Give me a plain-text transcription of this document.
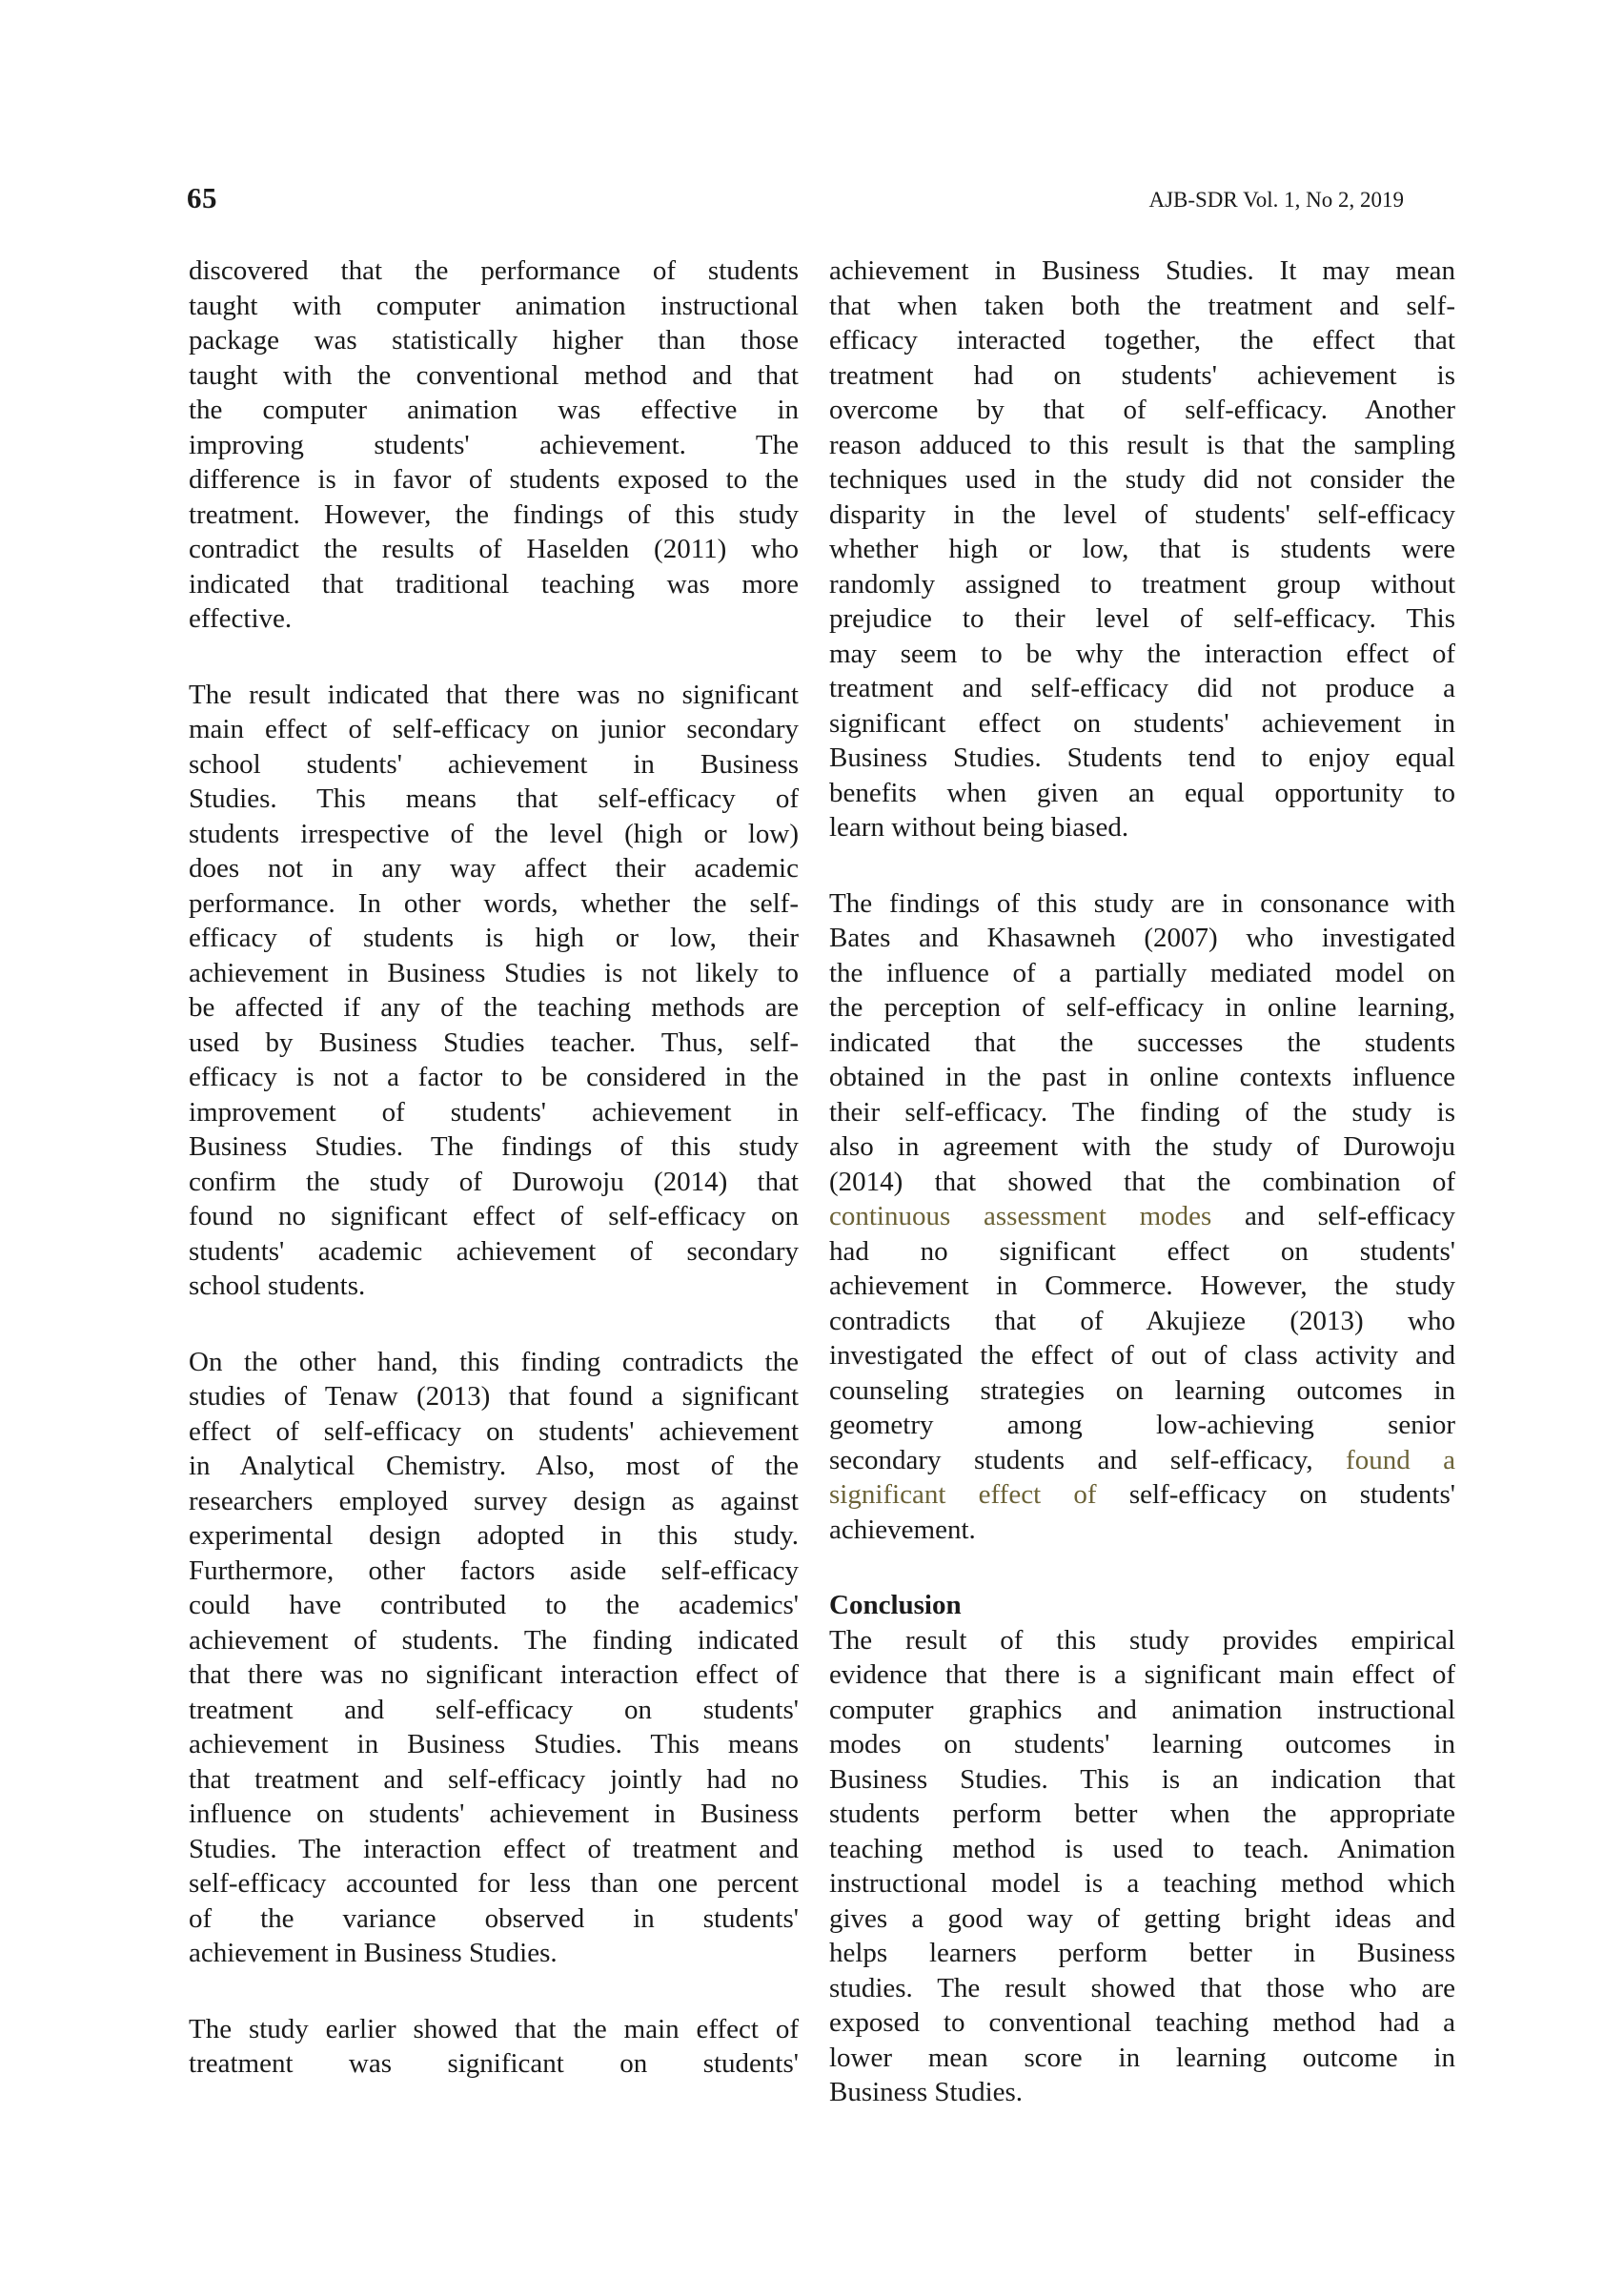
65	AJB-SDR Vol. 1, No 2, 2019
discovered that the performance of students
taught with computer animation instructional
package was statistically higher than those
taught with the conventional method and that
the computer animation was effective in
improving students' achievement. The
difference is in favor of students exposed to the
treatment. However, the findings of this study
contradict the results of Haselden (2011) who
indicated that traditional teaching was more
effective.
The result indicated that there was no significant
main effect of self-efficacy on junior secondary
school students' achievement in Business
Studies. This means that self-efficacy of
students irrespective of the level (high or low)
does not in any way affect their academic
performance. In other words, whether the self-
efficacy of students is high or low, their
achievement in Business Studies is not likely to
be affected if any of the teaching methods are
used by Business Studies teacher. Thus, self-
efficacy is not a factor to be considered in the
improvement of students' achievement in
Business Studies. The findings of this study
confirm the study of Durowoju (2014) that
found no significant effect of self-efficacy on
students' academic achievement of secondary
school students.
On the other hand, this finding contradicts the
studies of Tenaw (2013) that found a significant
effect of self-efficacy on students' achievement
in Analytical Chemistry. Also, most of the
researchers employed survey design as against
experimental design adopted in this study.
Furthermore, other factors aside self-efficacy
could have contributed to the academics'
achievement of students. The finding indicated
that there was no significant interaction effect of
treatment and self-efficacy on students'
achievement in Business Studies. This means
that treatment and self-efficacy jointly had no
influence on students' achievement in Business
Studies. The interaction effect of treatment and
self-efficacy accounted for less than one percent
of the variance observed in students'
achievement in Business Studies.
The study earlier showed that the main effect of
treatment was significant on students'
achievement in Business Studies. It may mean
that when taken both the treatment and self-
efficacy interacted together, the effect that
treatment had on students' achievement is
overcome by that of self-efficacy. Another
reason adduced to this result is that the sampling
techniques used in the study did not consider the
disparity in the level of students' self-efficacy
whether high or low, that is students were
randomly assigned to treatment group without
prejudice to their level of self-efficacy. This
may seem to be why the interaction effect of
treatment and self-efficacy did not produce a
significant effect on students' achievement in
Business Studies. Students tend to enjoy equal
benefits when given an equal opportunity to
learn without being biased.
The findings of this study are in consonance with
Bates and Khasawneh (2007) who investigated
the influence of a partially mediated model on
the perception of self-efficacy in online learning,
indicated that the successes the students
obtained in the past in online contexts influence
their self-efficacy. The finding of the study is
also in agreement with the study of Durowoju
(2014) that showed that the combination of
continuous assessment modes and self-efficacy
had no significant effect on students'
achievement in Commerce. However, the study
contradicts that of Akujieze (2013) who
investigated the effect of out of class activity and
counseling strategies on learning outcomes in
geometry among low-achieving senior
secondary students and self-efficacy, found a
significant effect of self-efficacy on students'
achievement.
Conclusion
The result of this study provides empirical
evidence that there is a significant main effect of
computer graphics and animation instructional
modes on students' learning outcomes in
Business Studies. This is an indication that
students perform better when the appropriate
teaching method is used to teach. Animation
instructional model is a teaching method which
gives a good way of getting bright ideas and
helps learners perform better in Business
studies. The result showed that those who are
exposed to conventional teaching method had a
lower mean score in learning outcome in
Business Studies.
